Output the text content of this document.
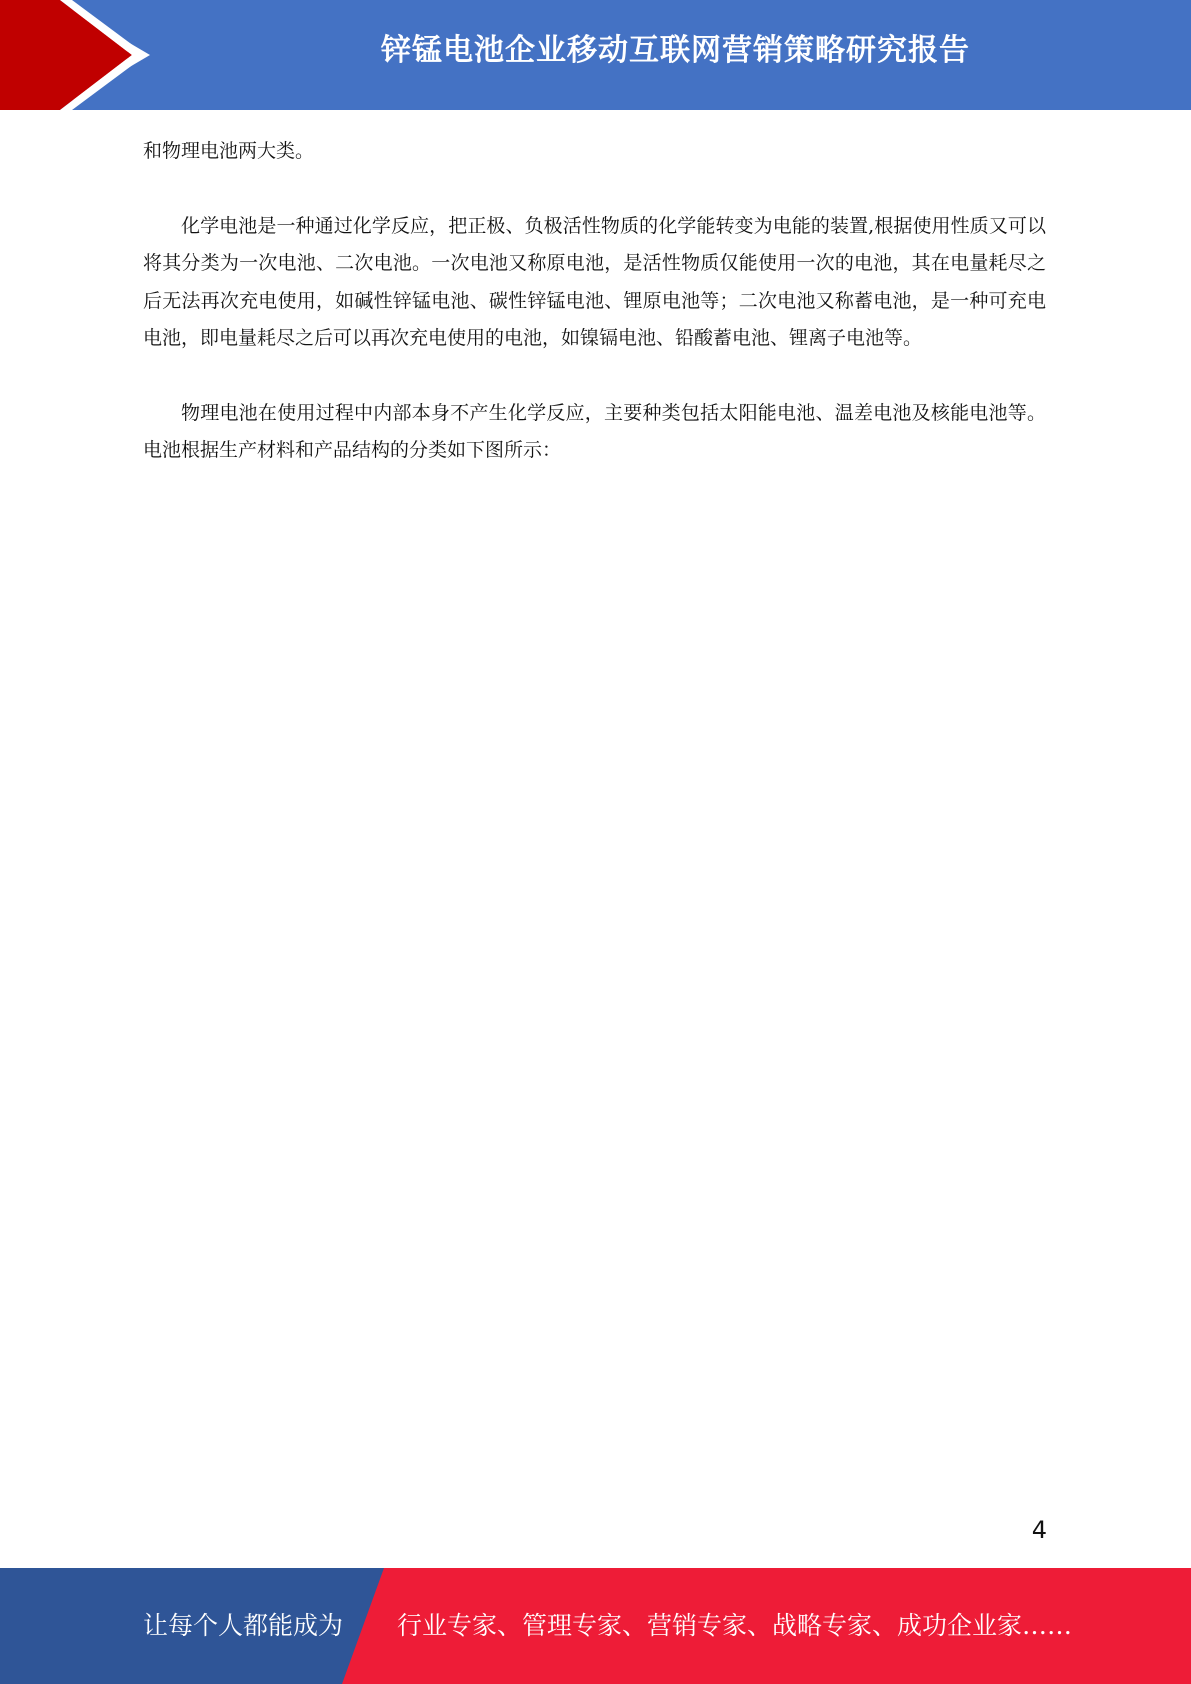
锌锰电池企业移动互联网营销策略研究报告

和物理电池两大类。

化学电池是一种通过化学反应，把正极、负极活性物质的化学能转变为电能的装置,根据使用性质又可以将其分类为一次电池、二次电池。一次电池又称原电池，是活性物质仅能使用一次的电池，其在电量耗尽之后无法再次充电使用，如碱性锌锰电池、碳性锌锰电池、锂原电池等；二次电池又称蓄电池，是一种可充电电池，即电量耗尽之后可以再次充电使用的电池，如镍镉电池、铅酸蓄电池、锂离子电池等。

物理电池在使用过程中内部本身不产生化学反应，主要种类包括太阳能电池、温差电池及核能电池等。电池根据生产材料和产品结构的分类如下图所示：

4
让每个人都能成为 行业专家、管理专家、营销专家、战略专家、成功企业家……
